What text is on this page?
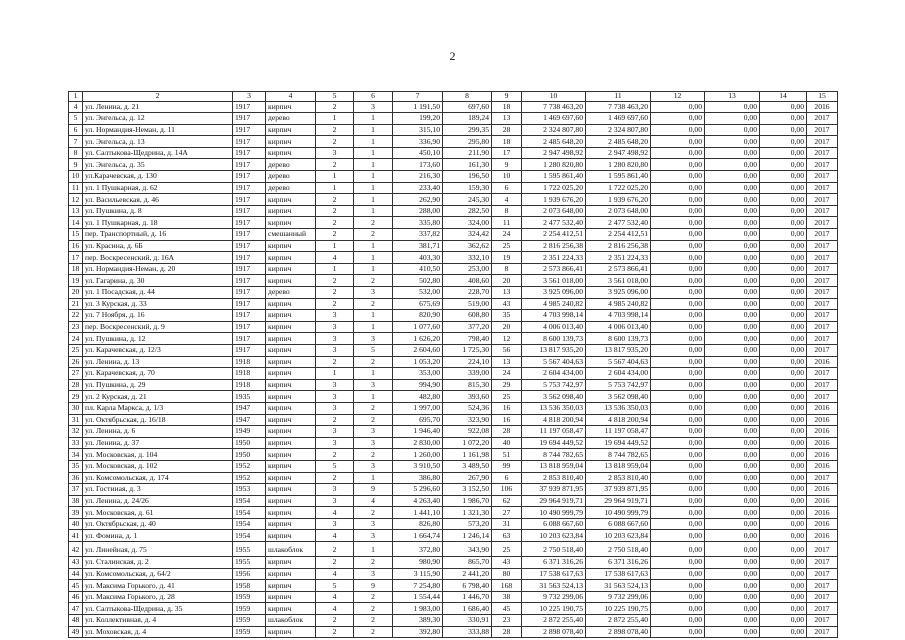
2
1	2	3	4	5	6	7	8	9	10	11	12	13	14	15
4	ул. Ленина, д. 21	1917	кирпич	2	3	1 191,50	697,60	18	7 738 463,20	7 738 463,20	0,00	0,00	0,00	2016
5	ул. Энгельса, д. 12	1917	дерево	1	1	199,20	189,24	13	1 469 697,60	1 469 697,60	0,00	0,00	0,00	2017
6	ул. Нормандия-Неман, д. 11	1917	кирпич	2	1	315,10	299,35	28	2 324 807,80	2 324 807,80	0,00	0,00	0,00	2017
7	ул. Энгельса, д. 13	1917	кирпич	2	1	336,90	295,80	18	2 485 648,20	2 485 648,20	0,00	0,00	0,00	2017
8	ул. Салтыкова-Щедрина, д. 14А	1917	кирпич	3	1	450,10	211,90	17	2 947 498,92	2 947 498,92	0,00	0,00	0,00	2017
9	ул. Энгельса, д. 35	1917	дерево	2	1	173,60	161,30	9	1 280 820,80	1 280 820,80	0,00	0,00	0,00	2017
10	ул.Карачевская, д. 130	1917	дерево	1	1	216,30	196,50	10	1 595 861,40	1 595 861,40	0,00	0,00	0,00	2017
11	ул. 1 Пушкарная, д. 62	1917	дерево	1	1	233,40	159,30	6	1 722 025,20	1 722 025,20	0,00	0,00	0,00	2017
12	ул. Васильевская, д. 46	1917	кирпич	2	1	262,90	245,30	4	1 939 676,20	1 939 676,20	0,00	0,00	0,00	2017
13	ул. Пушкина, д. 8	1917	кирпич	2	1	288,00	282,50	8	2 073 648,00	2 073 648,00	0,00	0,00	0,00	2017
14	ул. 1 Пушкарная, д. 18	1917	кирпич	2	2	335,80	324,00	11	2 477 532,40	2 477 532,40	0,00	0,00	0,00	2017
15	пер. Транспортный, д. 16	1917	смешанный	2	2	337,82	324,42	24	2 254 412,51	2 254 412,51	0,00	0,00	0,00	2017
16	ул. Красина, д. 6Б	1917	кирпич	1	1	381,71	362,62	25	2 816 256,38	2 816 256,38	0,00	0,00	0,00	2017
17	пер. Воскресенский, д. 16А	1917	кирпич	4	1	403,30	332,10	19	2 351 224,33	2 351 224,33	0,00	0,00	0,00	2017
18	ул. Нормандия-Неман, д. 20	1917	кирпич	1	1	410,50	253,00	8	2 573 866,41	2 573 866,41	0,00	0,00	0,00	2017
19	ул. Гагарина, д. 30	1917	кирпич	2	2	502,80	408,60	20	3 561 018,00	3 561 018,00	0,00	0,00	0,00	2017
20	ул. 1 Посадская, д. 44	1917	дерево	2	3	532,00	228,70	13	3 925 096,00	3 925 096,00	0,00	0,00	0,00	2017
21	ул. 3 Курская, д. 33	1917	кирпич	2	2	675,69	519,00	43	4 985 240,82	4 985 240,82	0,00	0,00	0,00	2017
22	ул. 7 Ноября, д. 16	1917	кирпич	3	1	820,90	608,80	35	4 703 998,14	4 703 998,14	0,00	0,00	0,00	2017
23	пер. Воскресенский, д. 9	1917	кирпич	3	1	1 077,60	377,20	20	4 006 013,40	4 006 013,40	0,00	0,00	0,00	2017
24	ул. Пушкина, д. 12	1917	кирпич	3	3	1 626,20	798,40	12	8 600 139,73	8 600 139,73	0,00	0,00	0,00	2017
25	ул. Карачевская, д. 12/3	1917	кирпич	3	5	2 604,60	1 725,30	56	13 817 935,20	13 817 935,20	0,00	0,00	0,00	2017
26	ул. Ленина, д. 13	1918	кирпич	2	2	1 053,20	224,10	13	5 567 404,63	5 567 404,63	0,00	0,00	0,00	2016
27	ул. Карачевская, д. 70	1918	кирпич	1	1	353,00	339,00	24	2 604 434,00	2 604 434,00	0,00	0,00	0,00	2017
28	ул. Пушкина, д. 29	1918	кирпич	3	3	994,90	815,30	29	5 753 742,97	5 753 742,97	0,00	0,00	0,00	2017
29	ул. 2 Курская, д. 21	1935	кирпич	3	1	482,80	393,60	25	3 562 098,40	3 562 098,40	0,00	0,00	0,00	2017
30	пл. Карла Маркса, д. 1/3	1947	кирпич	3	2	1 997,00	524,36	16	13 536 350,03	13 536 350,03	0,00	0,00	0,00	2016
31	ул. Октябрьская, д. 16/18	1947	кирпич	2	2	695,70	323,90	16	4 818 200,94	4 818 200,94	0,00	0,00	0,00	2016
32	ул. Ленина, д. 6	1949	кирпич	3	3	1 946,40	922,08	28	11 197 058,47	11 197 058,47	0,00	0,00	0,00	2016
33	ул. Ленина, д. 37	1950	кирпич	3	3	2 830,00	1 072,20	40	19 694 449,52	19 694 449,52	0,00	0,00	0,00	2016
34	ул. Московская, д. 104	1950	кирпич	2	2	1 260,00	1 161,98	51	8 744 782,65	8 744 782,65	0,00	0,00	0,00	2016
35	ул. Московская, д. 102	1952	кирпич	5	3	3 910,50	3 489,50	99	13 818 959,04	13 818 959,04	0,00	0,00	0,00	2016
36	ул. Комсомольская, д. 174	1952	кирпич	2	1	386,80	267,90	6	2 853 810,40	2 853 810,40	0,00	0,00	0,00	2017
37	ул. Гостиная, д. 3	1953	кирпич	3	9	5 296,60	3 152,50	106	37 939 871,95	37 939 871,95	0,00	0,00	0,00	2016
38	ул. Ленина, д. 24/26	1954	кирпич	3	4	4 263,40	1 986,70	62	29 964 919,71	29 964 919,71	0,00	0,00	0,00	2016
39	ул. Московская, д. 61	1954	кирпич	4	2	1 441,10	1 321,30	27	10 490 999,79	10 490 999,79	0,00	0,00	0,00	2016
40	ул. Октябрьская, д. 40	1954	кирпич	3	3	826,80	573,20	31	6 088 667,60	6 088 667,60	0,00	0,00	0,00	2016
41	ул. Фомина, д. 1	1954	кирпич	4	3	1 664,74	1 246,14	63	10 203 623,84	10 203 623,84	0,00	0,00	0,00	2016
42	ул. Линейная, д. 75	1955	шлакоблок	2	1	372,80	343,90	25	2 750 518,40	2 750 518,40	0,00	0,00	0,00	2017
43	ул. Сталинская, д. 2	1955	кирпич	2	2	980,90	865,70	43	6 371 316,26	6 371 316,26	0,00	0,00	0,00	2017
44	ул. Комсомольская, д. 64/2	1956	кирпич	4	3	3 115,90	2 441,20	80	17 538 617,63	17 538 617,63	0,00	0,00	0,00	2017
45	ул. Максима Горького, д. 41	1958	кирпич	5	9	7 254,80	6 798,40	168	31 563 524,13	31 563 524,13	0,00	0,00	0,00	2017
46	ул. Максима Горького, д. 28	1959	кирпич	4	2	1 554,44	1 446,70	38	9 732 299,06	9 732 299,06	0,00	0,00	0,00	2017
47	ул. Салтыкова-Щедрина, д. 35	1959	кирпич	4	2	1 983,00	1 686,40	45	10 225 190,75	10 225 190,75	0,00	0,00	0,00	2017
48	ул. Коллективная, д. 4	1959	шлакоблок	2	2	389,30	330,91	23	2 872 255,40	2 872 255,40	0,00	0,00	0,00	2017
49	ул. Моховская, д. 4	1959	кирпич	2	2	392,80	333,88	28	2 898 078,40	2 898 078,40	0,00	0,00	0,00	2017
